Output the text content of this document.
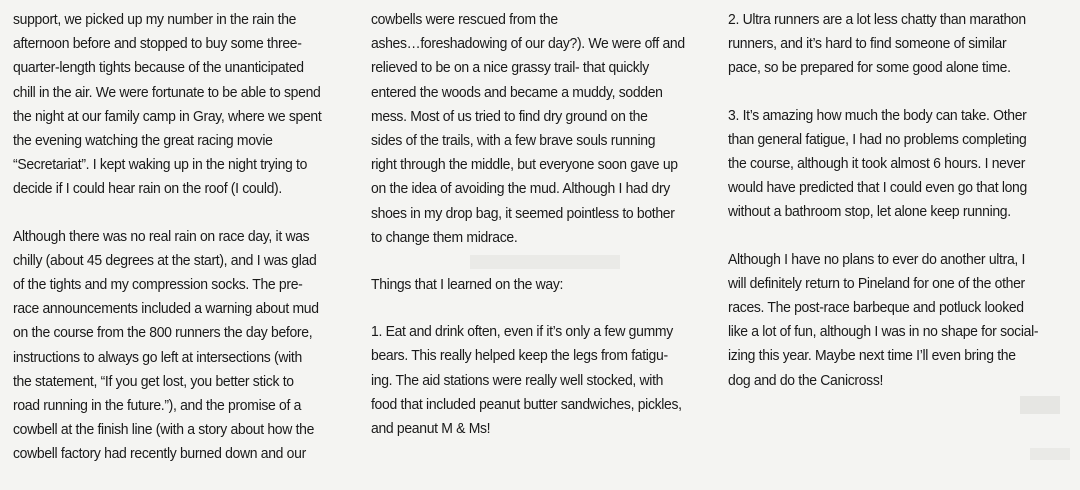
support, we picked up my number in the rain the
afternoon before and stopped to buy some three-
quarter-length tights because of the unanticipated
chill in the air. We were fortunate to be able to spend
the night at our family camp in Gray, where we spent
the evening watching the great racing movie
“Secretariat”. I kept waking up in the night trying to
decide if I could hear rain on the roof (I could).

Although there was no real rain on race day, it was
chilly (about 45 degrees at the start), and I was glad
of the tights and my compression socks. The pre-
race announcements included a warning about mud
on the course from the 800 runners the day before,
instructions to always go left at intersections (with
the statement, “If you get lost, you better stick to
road running in the future.”), and the promise of a
cowbell at the finish line (with a story about how the
cowbell factory had recently burned down and our

cowbells were rescued from the
ashes…foreshadowing of our day?). We were off and
relieved to be on a nice grassy trail- that quickly
entered the woods and became a muddy, sodden
mess. Most of us tried to find dry ground on the
sides of the trails, with a few brave souls running
right through the middle, but everyone soon gave up
on the idea of avoiding the mud. Although I had dry
shoes in my drop bag, it seemed pointless to bother
to change them midrace.

Things that I learned on the way:

1. Eat and drink often, even if it’s only a few gummy
bears. This really helped keep the legs from fatigu-
ing. The aid stations were really well stocked, with
food that included peanut butter sandwiches, pickles,
and peanut M & Ms!

2. Ultra runners are a lot less chatty than marathon
runners, and it’s hard to find someone of similar
pace, so be prepared for some good alone time.

3. It’s amazing how much the body can take. Other
than general fatigue, I had no problems completing
the course, although it took almost 6 hours. I never
would have predicted that I could even go that long
without a bathroom stop, let alone keep running.

Although I have no plans to ever do another ultra, I
will definitely return to Pineland for one of the other
races. The post-race barbeque and potluck looked
like a lot of fun, although I was in no shape for social-
izing this year. Maybe next time I’ll even bring the
dog and do the Canicross!
